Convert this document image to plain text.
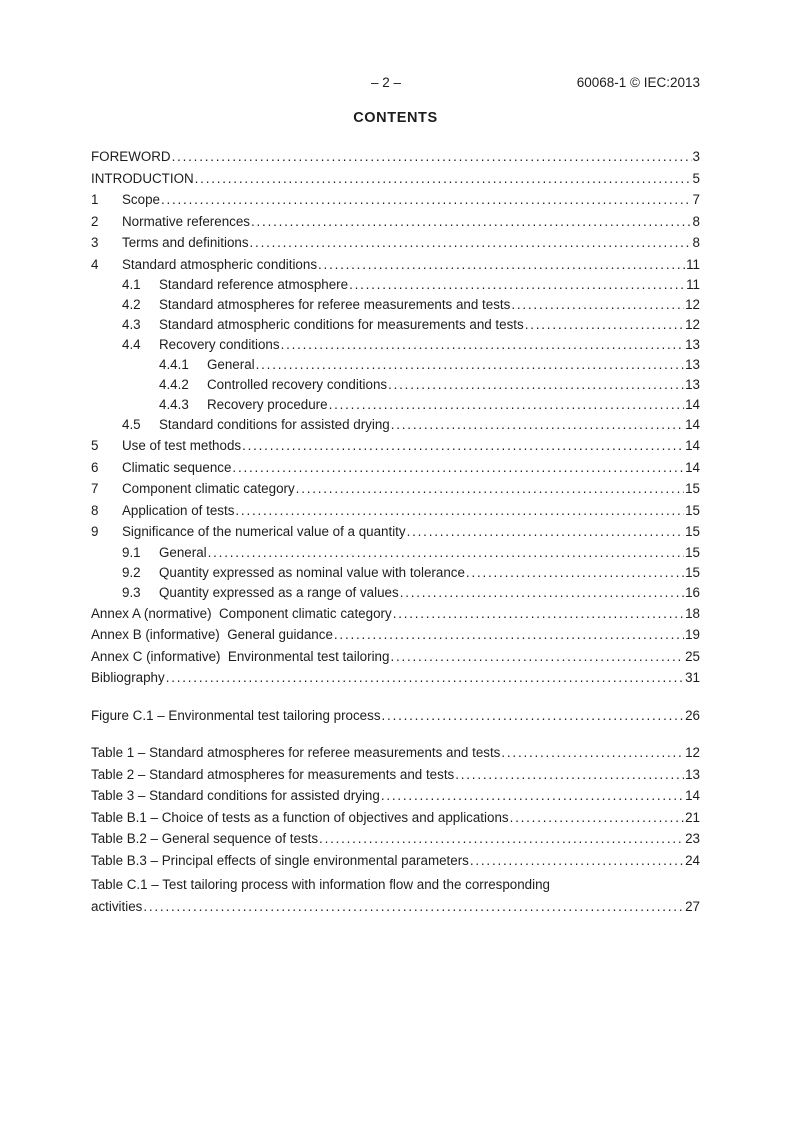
– 2 –	60068-1 © IEC:2013
CONTENTS
FOREWORD .....	3
INTRODUCTION .....	5
1	Scope .....	7
2	Normative references .....	8
3	Terms and definitions .....	8
4	Standard atmospheric conditions .....	11
4.1	Standard reference atmosphere .....	11
4.2	Standard atmospheres for referee measurements and tests .....	12
4.3	Standard atmospheric conditions for measurements and tests .....	12
4.4	Recovery conditions .....	13
4.4.1	General .....	13
4.4.2	Controlled recovery conditions .....	13
4.4.3	Recovery procedure .....	14
4.5	Standard conditions for assisted drying .....	14
5	Use of test methods .....	14
6	Climatic sequence .....	14
7	Component climatic category .....	15
8	Application of tests .....	15
9	Significance of the numerical value of a quantity .....	15
9.1	General .....	15
9.2	Quantity expressed as nominal value with tolerance .....	15
9.3	Quantity expressed as a range of values .....	16
Annex A (normative)  Component climatic category .....	18
Annex B (informative)  General guidance .....	19
Annex C (informative)  Environmental test tailoring .....	25
Bibliography .....	31
Figure C.1 – Environmental test tailoring process .....	26
Table 1 – Standard atmospheres for referee measurements and tests .....	12
Table 2 – Standard atmospheres for measurements and tests .....	13
Table 3 – Standard conditions for assisted drying .....	14
Table B.1 – Choice of tests as a function of objectives and applications .....	21
Table B.2 – General sequence of tests .....	23
Table B.3 – Principal effects of single environmental parameters .....	24
Table C.1 – Test tailoring process with information flow and the corresponding
activities .....	27
